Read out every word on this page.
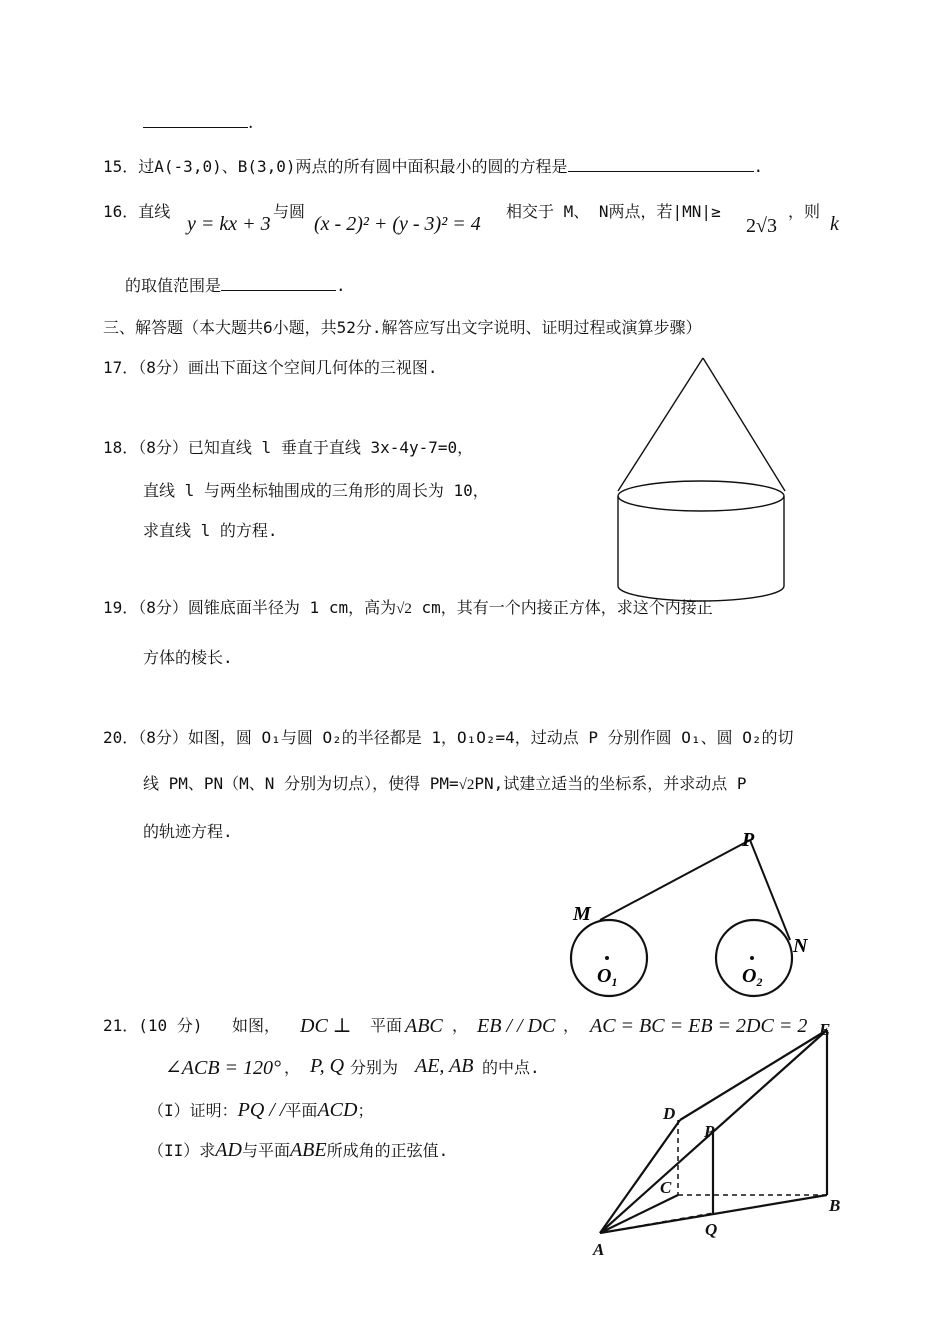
.
15．过A(-3,0)、B(3,0)两点的所有圆中面积最小的圆的方程是	.
16．直线
y = kx + 3
与圆
(x - 2)² + (y - 3)² = 4
相交于 M、 N两点，若|MN|≥
2√3
，则
k
的取值范围是	.
三、解答题（本大题共6小题，共52分.解答应写出文字说明、证明过程或演算步骤）
17．（8分）画出下面这个空间几何体的三视图.
18．（8分）已知直线 l 垂直于直线 3x-4y-7=0，
直线 l 与两坐标轴围成的三角形的周长为 10，
求直线 l 的方程.
19．（8分）圆锥底面半径为 1 cm，高为√2 cm，其有一个内接正方体，求这个内接正
方体的棱长.
20．（8分）如图，圆 O₁与圆 O₂的半径都是 1，O₁O₂=4，过动点 P 分别作圆 O₁、圆 O₂的切
线 PM、PN（M、N 分别为切点），使得 PM=√2PN,试建立适当的坐标系，并求动点 P
的轨迹方程.	P
M
N
$O_1$	$O_2$
21．(10 分) 如图， DC ⊥ 平面 ABC ， EB / / DC ， AC = BC = EB = 2DC = 2
∠ACB = 120° ， P, Q 分别为 AE, AB 的中点.
（I）证明：PQ / /平面ACD；
（II）求AD与平面ABE所成角的正弦值.
A
B
C
D
E
P
Q
